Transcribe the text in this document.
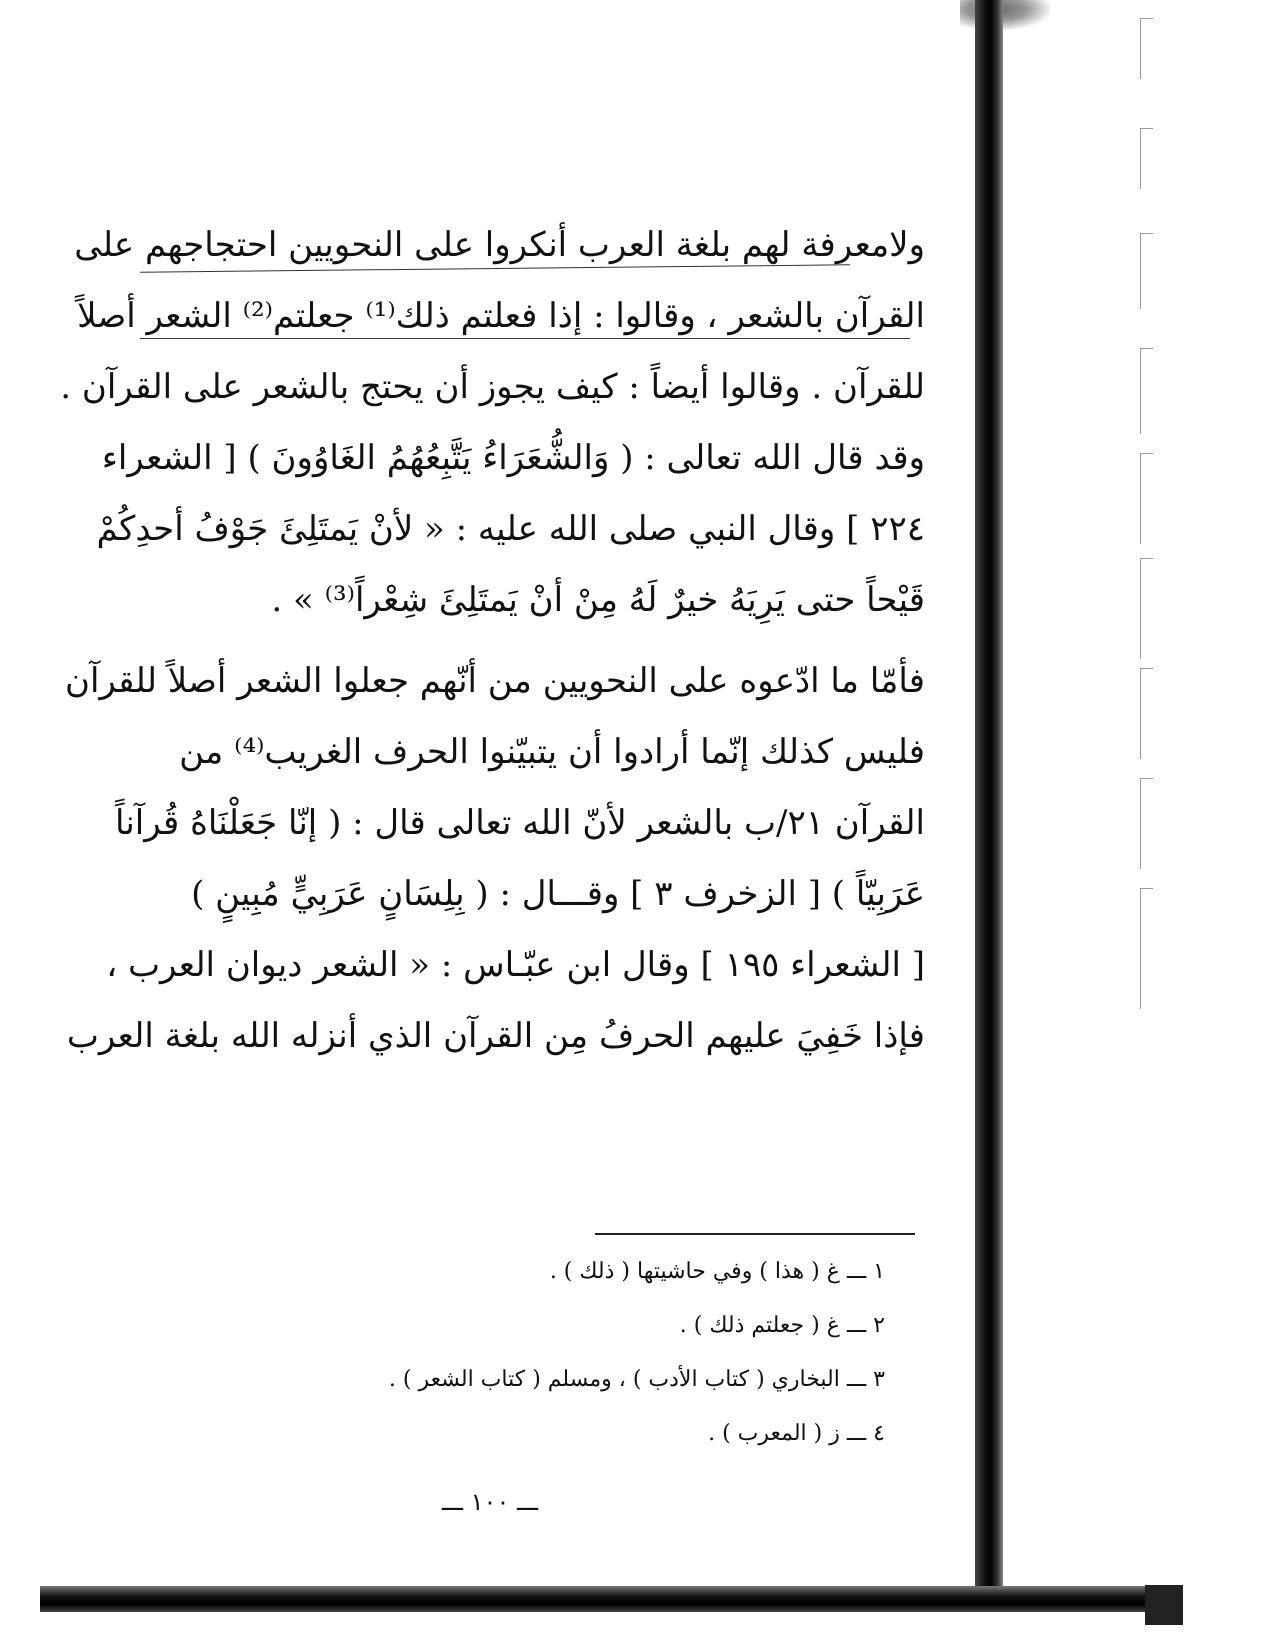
ولامعرفة لهم بلغة العرب أنكروا على النحويين احتجاجهم على
القرآن بالشعر ، وقالوا : إذا فعلتم ذلك⁽¹⁾ جعلتم⁽²⁾ الشعر أصلاً
للقرآن . وقالوا أيضاً : كيف يجوز أن يحتج بالشعر على القرآن .
وقد قال الله تعالى : ( وَالشُّعَرَاءُ يَتَّبِعُهُمُ الغَاوُونَ ) [ الشعراء
٢٢٤ ] وقال النبي صلى الله عليه : « لأنْ يَمتَلِئَ جَوْفُ أحدِكُمْ
قَيْحاً حتى يَرِيَهُ خيرٌ لَهُ مِنْ أنْ يَمتَلِئَ شِعْراً⁽³⁾ » .
فأمّا ما ادّعوه على النحويين من أنّهم جعلوا الشعر أصلاً للقرآن
فليس كذلك إنّما أرادوا أن يتبيّنوا الحرف الغريب⁽⁴⁾ من
القرآن ٢١/ب بالشعر لأنّ الله تعالى قال : ( إنّا جَعَلْنَاهُ قُرآناً
عَرَبِيّاً ) [ الزخرف ٣ ] وقـــال : ( بِلِسَانٍ عَرَبِيٍّ مُبِينٍ )
[ الشعراء ١٩٥ ] وقال ابن عبّـاس : « الشعر ديوان العرب ،
فإذا خَفِيَ عليهم الحرفُ مِن القرآن الذي أنزله الله بلغة العرب
١ ـــ غ ( هذا ) وفي حاشيتها ( ذلك ) .
٢ ـــ غ ( جعلتم ذلك ) .
٣ ـــ البخاري ( كتاب الأدب ) ، ومسلم ( كتاب الشعر ) .
٤ ـــ ز ( المعرب ) .
ـــ ١٠٠ ـــ
